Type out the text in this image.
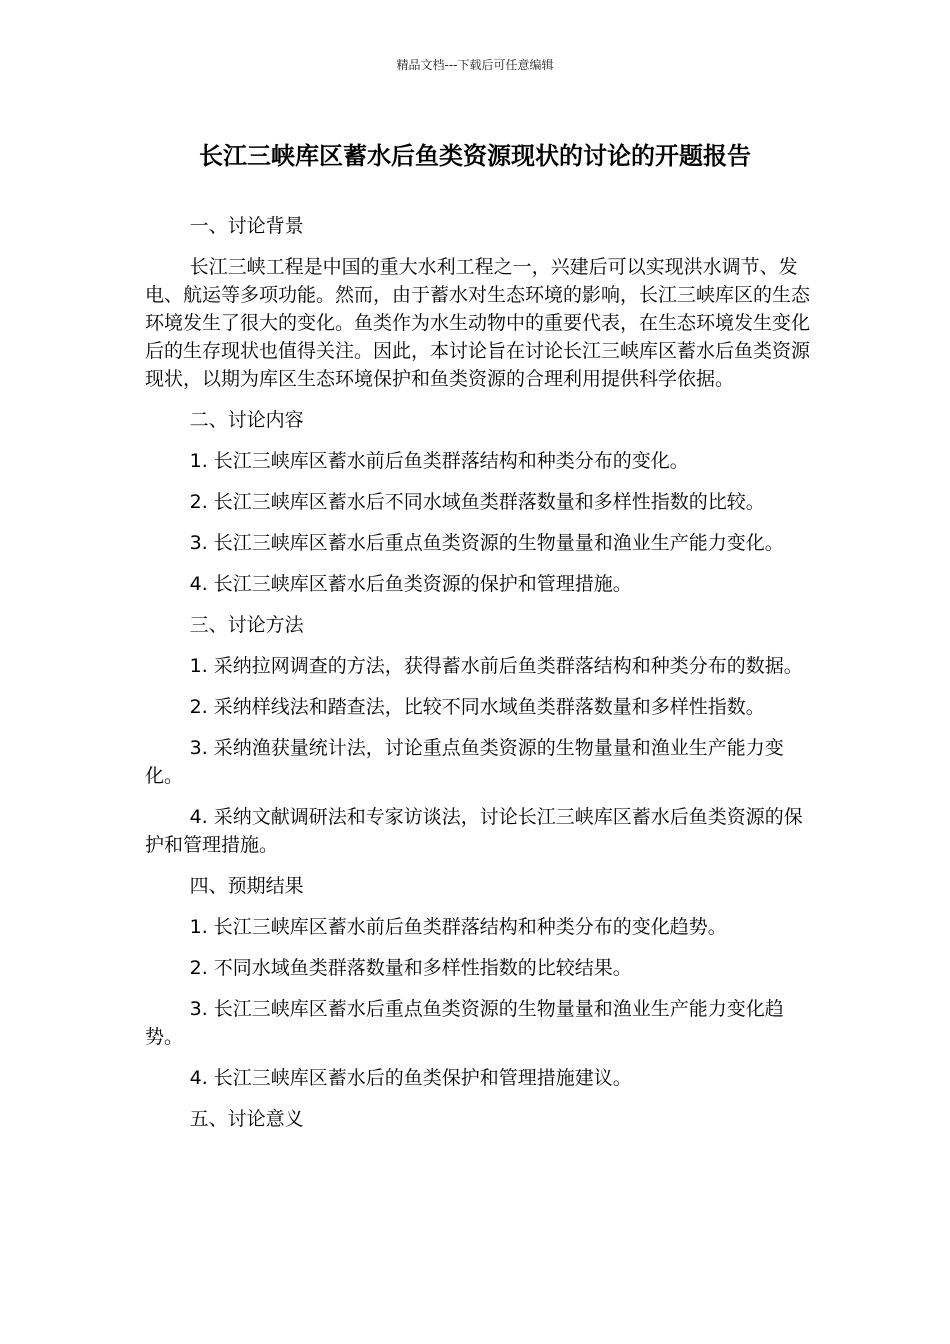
精品文档---下载后可任意编辑
长江三峡库区蓄水后鱼类资源现状的讨论的开题报告

一、讨论背景

长江三峡工程是中国的重大水利工程之一，兴建后可以实现洪水调节、发电、航运等多项功能。然而，由于蓄水对生态环境的影响，长江三峡库区的生态环境发生了很大的变化。鱼类作为水生动物中的重要代表，在生态环境发生变化后的生存现状也值得关注。因此，本讨论旨在讨论长江三峡库区蓄水后鱼类资源现状，以期为库区生态环境保护和鱼类资源的合理利用提供科学依据。

二、讨论内容

1. 长江三峡库区蓄水前后鱼类群落结构和种类分布的变化。

2. 长江三峡库区蓄水后不同水域鱼类群落数量和多样性指数的比较。

3. 长江三峡库区蓄水后重点鱼类资源的生物量量和渔业生产能力变化。

4. 长江三峡库区蓄水后鱼类资源的保护和管理措施。

三、讨论方法

1. 采纳拉网调查的方法，获得蓄水前后鱼类群落结构和种类分布的数据。

2. 采纳样线法和踏查法，比较不同水域鱼类群落数量和多样性指数。

3. 采纳渔获量统计法，讨论重点鱼类资源的生物量量和渔业生产能力变化。

4. 采纳文献调研法和专家访谈法，讨论长江三峡库区蓄水后鱼类资源的保护和管理措施。

四、预期结果

1. 长江三峡库区蓄水前后鱼类群落结构和种类分布的变化趋势。

2. 不同水域鱼类群落数量和多样性指数的比较结果。

3. 长江三峡库区蓄水后重点鱼类资源的生物量量和渔业生产能力变化趋势。

4. 长江三峡库区蓄水后的鱼类保护和管理措施建议。

五、讨论意义
